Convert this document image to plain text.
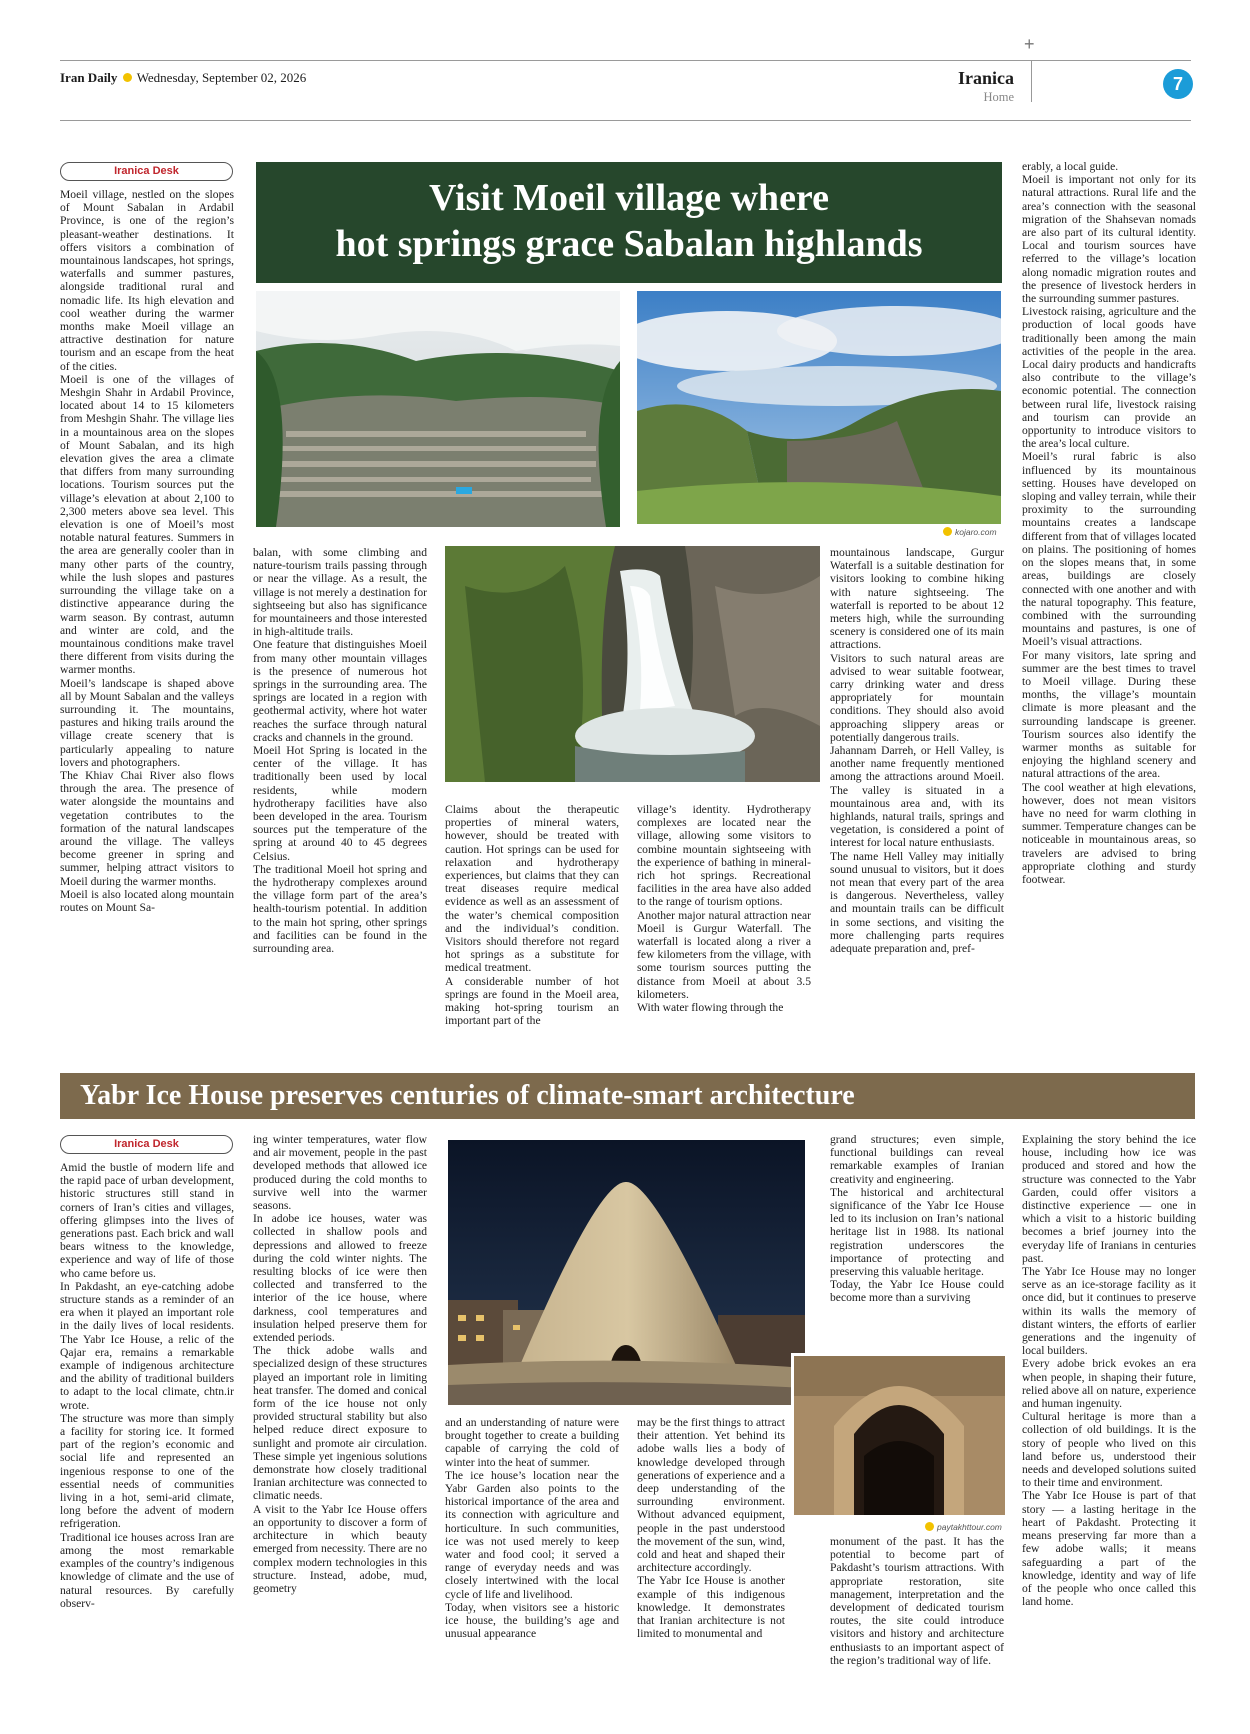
+
Iran Daily Wednesday, September 02, 2026	Iranica
Home
7
Iranica Desk
Visit Moeil village where
hot springs grace Sabalan highlands
kojaro.com

Moeil village, nestled on the slopes of Mount Sabalan in Ardabil Province, is one of the region’s pleasant-weather destinations. It offers visitors a combination of mountainous landscapes, hot springs, waterfalls and summer pastures, alongside traditional rural and nomadic life. Its high elevation and cool weather during the warmer months make Moeil village an attractive destination for nature tourism and an escape from the heat of the cities.

Moeil is one of the villages of Meshgin Shahr in Ardabil Province, located about 14 to 15 kilometers from Meshgin Shahr. The village lies in a mountainous area on the slopes of Mount Sabalan, and its high elevation gives the area a climate that differs from many surrounding locations. Tourism sources put the village’s elevation at about 2,100 to 2,300 meters above sea level. This elevation is one of Moeil’s most notable natural features. Summers in the area are generally cooler than in many other parts of the country, while the lush slopes and pastures surrounding the village take on a distinctive appearance during the warm season. By contrast, autumn and winter are cold, and the mountainous conditions make travel there different from visits during the warmer months.

Moeil’s landscape is shaped above all by Mount Sabalan and the valleys surrounding it. The mountains, pastures and hiking trails around the village create scenery that is particularly appealing to nature lovers and photographers.

The Khiav Chai River also flows through the area. The presence of water alongside the mountains and vegetation contributes to the formation of the natural landscapes around the village. The valleys become greener in spring and summer, helping attract visitors to Moeil during the warmer months.

Moeil is also located along mountain routes on Mount Sa-

balan, with some climbing and nature-tourism trails passing through or near the village. As a result, the village is not merely a destination for sightseeing but also has significance for mountaineers and those interested in high-altitude trails.

One feature that distinguishes Moeil from many other mountain villages is the presence of numerous hot springs in the surrounding area. The springs are located in a region with geothermal activity, where hot water reaches the surface through natural cracks and channels in the ground.

Moeil Hot Spring is located in the center of the village. It has traditionally been used by local residents, while modern hydrotherapy facilities have also been developed in the area. Tourism sources put the temperature of the spring at around 40 to 45 degrees Celsius.

The traditional Moeil hot spring and the hydrotherapy complexes around the village form part of the area’s health-tourism potential. In addition to the main hot spring, other springs and facilities can be found in the surrounding area.

Claims about the therapeutic properties of mineral waters, however, should be treated with caution. Hot springs can be used for relaxation and hydrotherapy experiences, but claims that they can treat diseases require medical evidence as well as an assessment of the water’s chemical composition and the individual’s condition. Visitors should therefore not regard hot springs as a substitute for medical treatment.

A considerable number of hot springs are found in the Moeil area, making hot-spring tourism an important part of the

village’s identity. Hydrotherapy complexes are located near the village, allowing some visitors to combine mountain sightseeing with the experience of bathing in mineral-rich hot springs. Recreational facilities in the area have also added to the range of tourism options.

Another major natural attraction near Moeil is Gurgur Waterfall. The waterfall is located along a river a few kilometers from the village, with some tourism sources putting the distance from Moeil at about 3.5 kilometers.

With water flowing through the

mountainous landscape, Gurgur Waterfall is a suitable destination for visitors looking to combine hiking with nature sightseeing. The waterfall is reported to be about 12 meters high, while the surrounding scenery is considered one of its main attractions.

Visitors to such natural areas are advised to wear suitable footwear, carry drinking water and dress appropriately for mountain conditions. They should also avoid approaching slippery areas or potentially dangerous trails.

Jahannam Darreh, or Hell Valley, is another name frequently mentioned among the attractions around Moeil. The valley is situated in a mountainous area and, with its highlands, natural trails, springs and vegetation, is considered a point of interest for local nature enthusiasts.

The name Hell Valley may initially sound unusual to visitors, but it does not mean that every part of the area is dangerous. Nevertheless, valley and mountain trails can be difficult in some sections, and visiting the more challenging parts requires adequate preparation and, pref-

erably, a local guide.

Moeil is important not only for its natural attractions. Rural life and the area’s connection with the seasonal migration of the Shahsevan nomads are also part of its cultural identity. Local and tourism sources have referred to the village’s location along nomadic migration routes and the presence of livestock herders in the surrounding summer pastures.

Livestock raising, agriculture and the production of local goods have traditionally been among the main activities of the people in the area. Local dairy products and handicrafts also contribute to the village’s economic potential. The connection between rural life, livestock raising and tourism can provide an opportunity to introduce visitors to the area’s local culture.

Moeil’s rural fabric is also influenced by its mountainous setting. Houses have developed on sloping and valley terrain, while their proximity to the surrounding mountains creates a landscape different from that of villages located on plains. The positioning of homes on the slopes means that, in some areas, buildings are closely connected with one another and with the natural topography. This feature, combined with the surrounding mountains and pastures, is one of Moeil’s visual attractions.

For many visitors, late spring and summer are the best times to travel to Moeil village. During these months, the village’s mountain climate is more pleasant and the surrounding landscape is greener. Tourism sources also identify the warmer months as suitable for enjoying the highland scenery and natural attractions of the area.

The cool weather at high elevations, however, does not mean visitors have no need for warm clothing in summer. Temperature changes can be noticeable in mountainous areas, so travelers are advised to bring appropriate clothing and sturdy footwear.

Yabr Ice House preserves centuries of climate-smart architecture
Iranica Desk
paytakhttour.com

Amid the bustle of modern life and the rapid pace of urban development, historic structures still stand in corners of Iran’s cities and villages, offering glimpses into the lives of generations past. Each brick and wall bears witness to the knowledge, experience and way of life of those who came before us.

In Pakdasht, an eye-catching adobe structure stands as a reminder of an era when it played an important role in the daily lives of local residents. The Yabr Ice House, a relic of the Qajar era, remains a remarkable example of indigenous architecture and the ability of traditional builders to adapt to the local climate, chtn.ir wrote.

The structure was more than simply a facility for storing ice. It formed part of the region’s economic and social life and represented an ingenious response to one of the essential needs of communities living in a hot, semi-arid climate, long before the advent of modern refrigeration.

Traditional ice houses across Iran are among the most remarkable examples of the country’s indigenous knowledge of climate and the use of natural resources. By carefully observ-

ing winter temperatures, water flow and air movement, people in the past developed methods that allowed ice produced during the cold months to survive well into the warmer seasons.

In adobe ice houses, water was collected in shallow pools and depressions and allowed to freeze during the cold winter nights. The resulting blocks of ice were then collected and transferred to the interior of the ice house, where darkness, cool temperatures and insulation helped preserve them for extended periods.

The thick adobe walls and specialized design of these structures played an important role in limiting heat transfer. The domed and conical form of the ice house not only provided structural stability but also helped reduce direct exposure to sunlight and promote air circulation. These simple yet ingenious solutions demonstrate how closely traditional Iranian architecture was connected to climatic needs.

A visit to the Yabr Ice House offers an opportunity to discover a form of architecture in which beauty emerged from necessity. There are no complex modern technologies in this structure. Instead, adobe, mud, geometry

and an understanding of nature were brought together to create a building capable of carrying the cold of winter into the heat of summer.

The ice house’s location near the Yabr Garden also points to the historical importance of the area and its connection with agriculture and horticulture. In such communities, ice was not used merely to keep water and food cool; it served a range of everyday needs and was closely intertwined with the local cycle of life and livelihood.

Today, when visitors see a historic ice house, the building’s age and unusual appearance

may be the first things to attract their attention. Yet behind its adobe walls lies a body of knowledge developed through generations of experience and a deep understanding of the surrounding environment. Without advanced equipment, people in the past understood the movement of the sun, wind, cold and heat and shaped their architecture accordingly.

The Yabr Ice House is another example of this indigenous knowledge. It demonstrates that Iranian architecture is not limited to monumental and

grand structures; even simple, functional buildings can reveal remarkable examples of Iranian creativity and engineering.

The historical and architectural significance of the Yabr Ice House led to its inclusion on Iran’s national heritage list in 1988. Its national registration underscores the importance of protecting and preserving this valuable heritage.

Today, the Yabr Ice House could become more than a surviving

monument of the past. It has the potential to become part of Pakdasht’s tourism attractions. With appropriate restoration, site management, interpretation and the development of dedicated tourism routes, the site could introduce visitors and history and architecture enthusiasts to an important aspect of the region’s traditional way of life.

Explaining the story behind the ice house, including how ice was produced and stored and how the structure was connected to the Yabr Garden, could offer visitors a distinctive experience — one in which a visit to a historic building becomes a brief journey into the everyday life of Iranians in centuries past.

The Yabr Ice House may no longer serve as an ice-storage facility as it once did, but it continues to preserve within its walls the memory of distant winters, the efforts of earlier generations and the ingenuity of local builders.

Every adobe brick evokes an era when people, in shaping their future, relied above all on nature, experience and human ingenuity.

Cultural heritage is more than a collection of old buildings. It is the story of people who lived on this land before us, understood their needs and developed solutions suited to their time and environment.

The Yabr Ice House is part of that story — a lasting heritage in the heart of Pakdasht. Protecting it means preserving far more than a few adobe walls; it means safeguarding a part of the knowledge, identity and way of life of the people who once called this land home.
